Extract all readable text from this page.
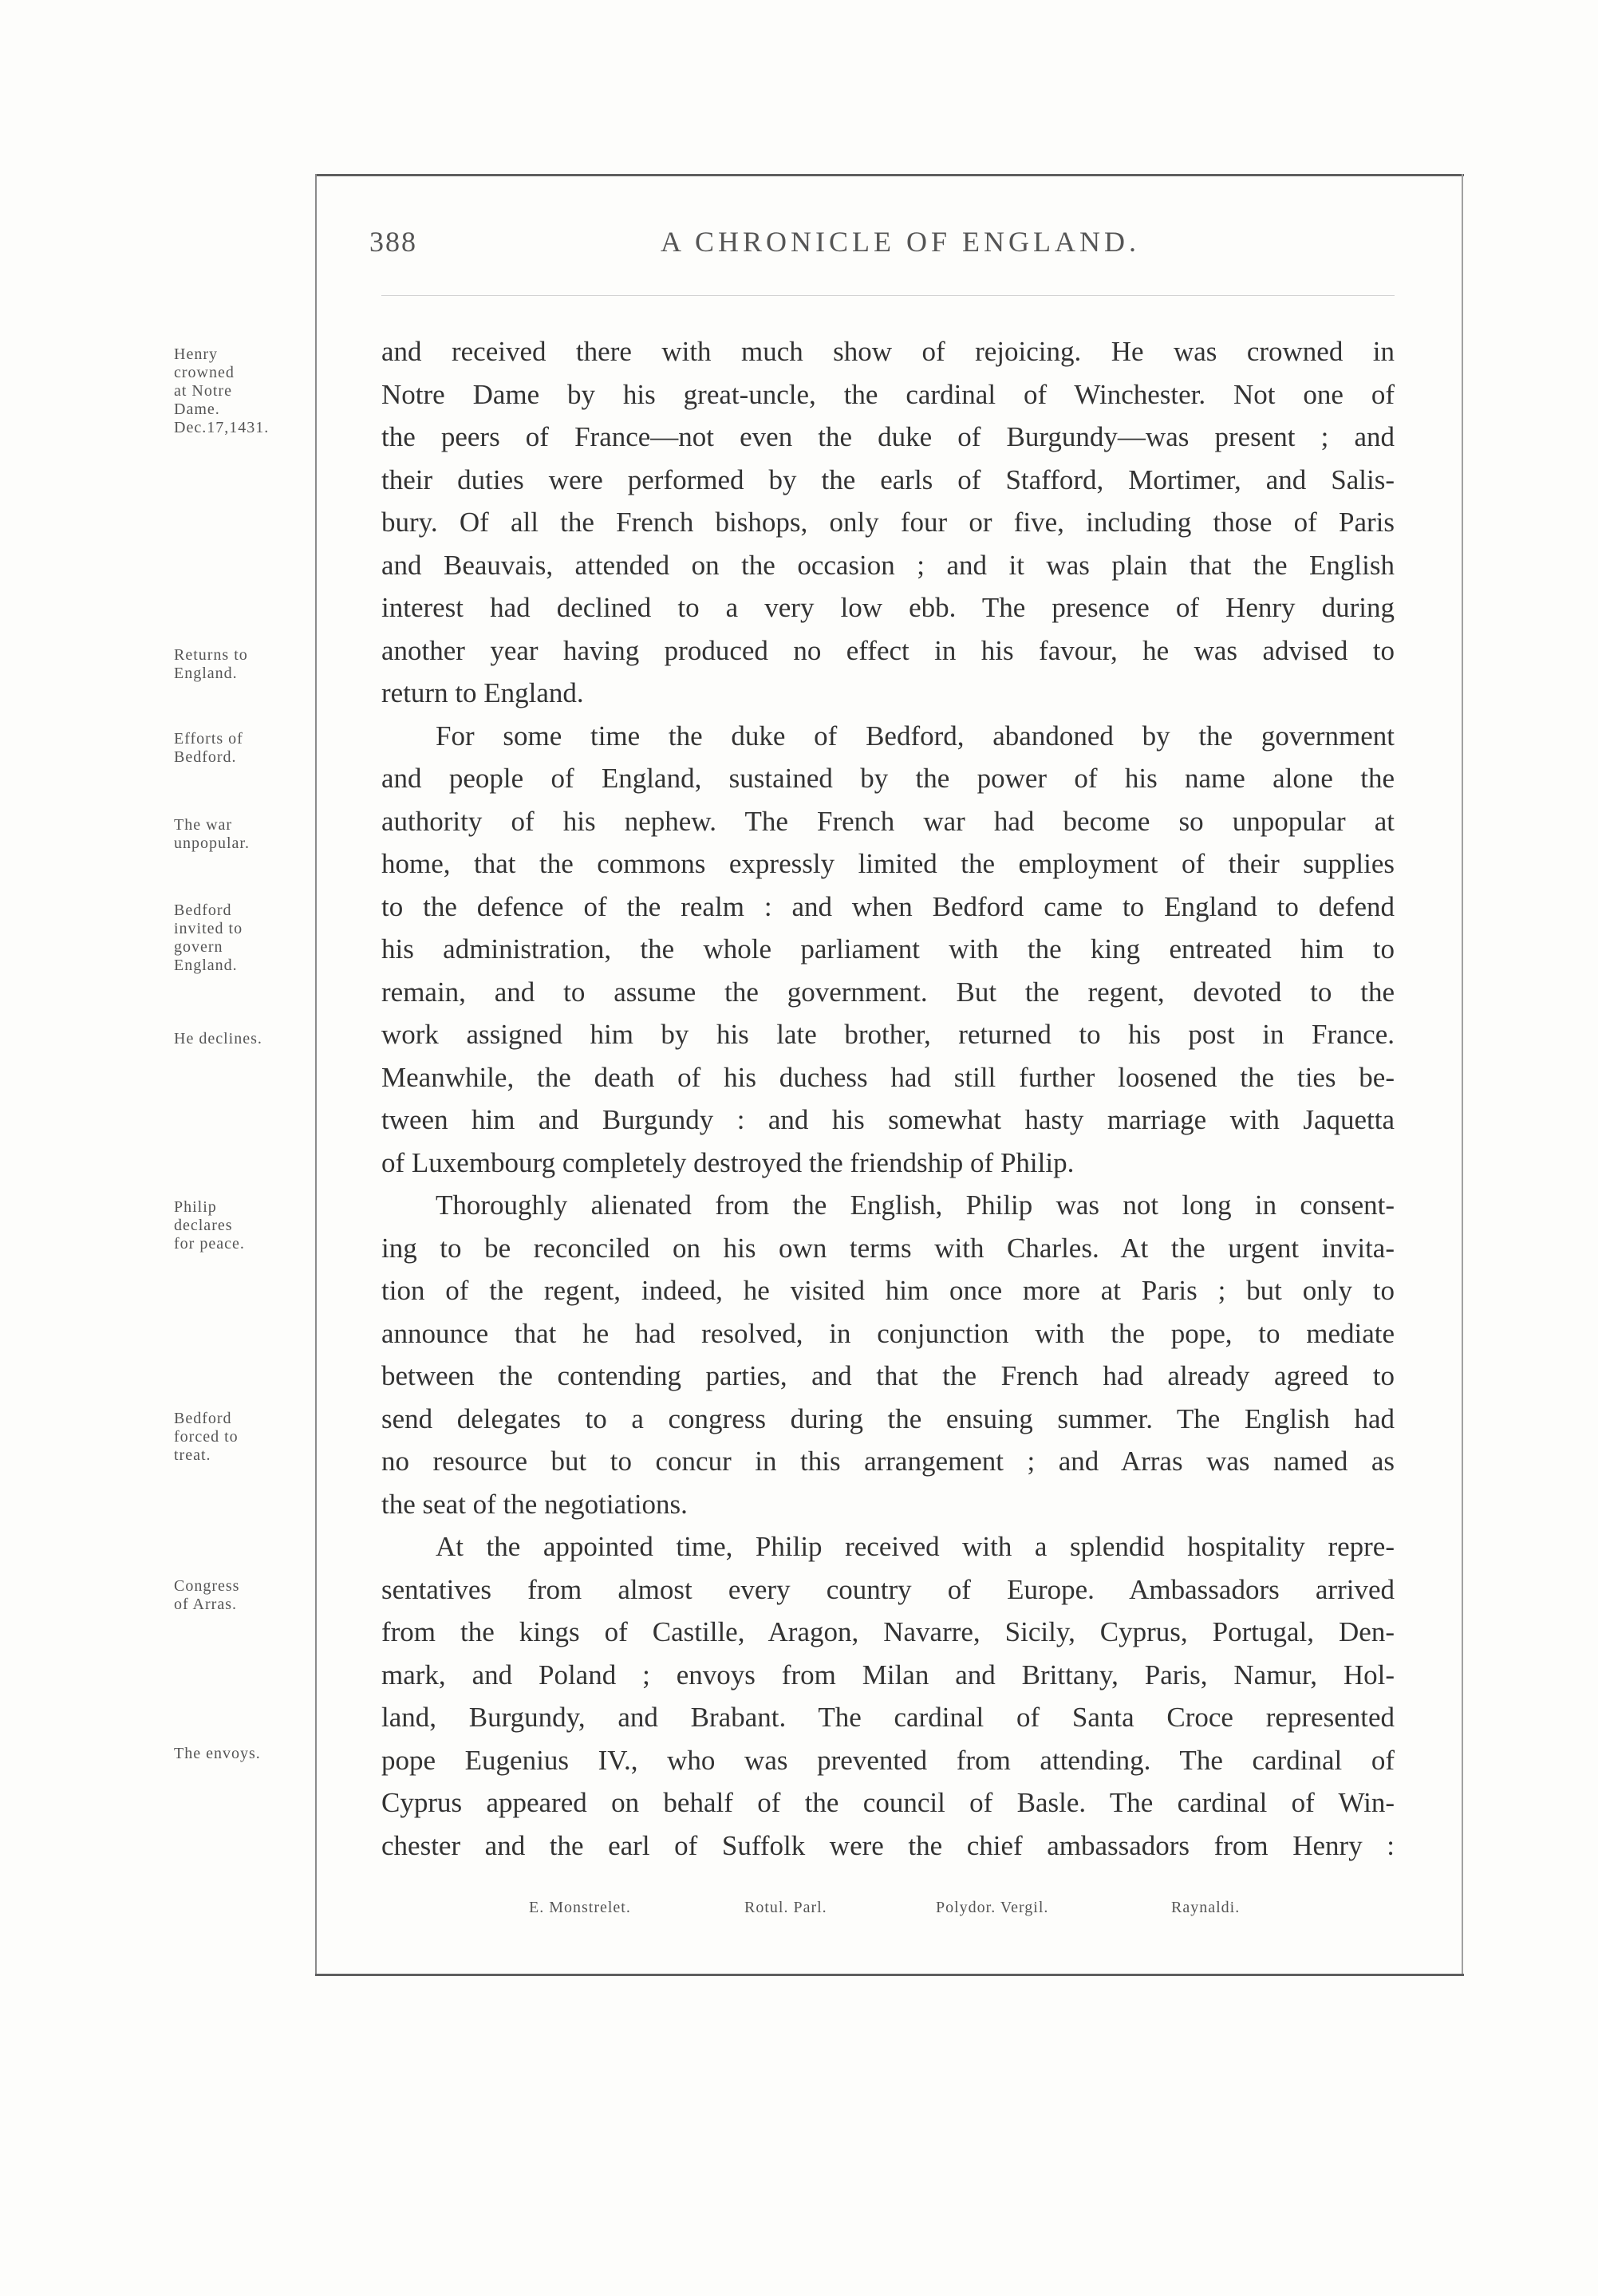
388	A CHRONICLE OF ENGLAND.
Henry
crowned
at Notre
Dame.
Dec.17,1431.
Returns to
England.
Efforts of
Bedford.
The war
unpopular.
Bedford
invited to
govern
England.
He declines.
Philip
declares
for peace.
Bedford
forced to
treat.
Congress
of Arras.
The envoys.
and received there with much show of rejoicing. He was crowned in
Notre Dame by his great-uncle, the cardinal of Winchester. Not one of
the peers of France—not even the duke of Burgundy—was present ; and
their duties were performed by the earls of Stafford, Mortimer, and Salis-
bury. Of all the French bishops, only four or five, including those of Paris
and Beauvais, attended on the occasion ; and it was plain that the English
interest had declined to a very low ebb. The presence of Henry during
another year having produced no effect in his favour, he was advised to
return to England.
For some time the duke of Bedford, abandoned by the government
and people of England, sustained by the power of his name alone the
authority of his nephew. The French war had become so unpopular at
home, that the commons expressly limited the employment of their supplies
to the defence of the realm : and when Bedford came to England to defend
his administration, the whole parliament with the king entreated him to
remain, and to assume the government. But the regent, devoted to the
work assigned him by his late brother, returned to his post in France.
Meanwhile, the death of his duchess had still further loosened the ties be-
tween him and Burgundy : and his somewhat hasty marriage with Jaquetta
of Luxembourg completely destroyed the friendship of Philip.
Thoroughly alienated from the English, Philip was not long in consent-
ing to be reconciled on his own terms with Charles. At the urgent invita-
tion of the regent, indeed, he visited him once more at Paris ; but only to
announce that he had resolved, in conjunction with the pope, to mediate
between the contending parties, and that the French had already agreed to
send delegates to a congress during the ensuing summer. The English had
no resource but to concur in this arrangement ; and Arras was named as
the seat of the negotiations.
At the appointed time, Philip received with a splendid hospitality repre-
sentatives from almost every country of Europe. Ambassadors arrived
from the kings of Castille, Aragon, Navarre, Sicily, Cyprus, Portugal, Den-
mark, and Poland ; envoys from Milan and Brittany, Paris, Namur, Hol-
land, Burgundy, and Brabant. The cardinal of Santa Croce represented
pope Eugenius IV., who was prevented from attending. The cardinal of
Cyprus appeared on behalf of the council of Basle. The cardinal of Win-
chester and the earl of Suffolk were the chief ambassadors from Henry :
E. Monstrelet.	Rotul. Parl.	Polydor. Vergil.	Raynaldi.
